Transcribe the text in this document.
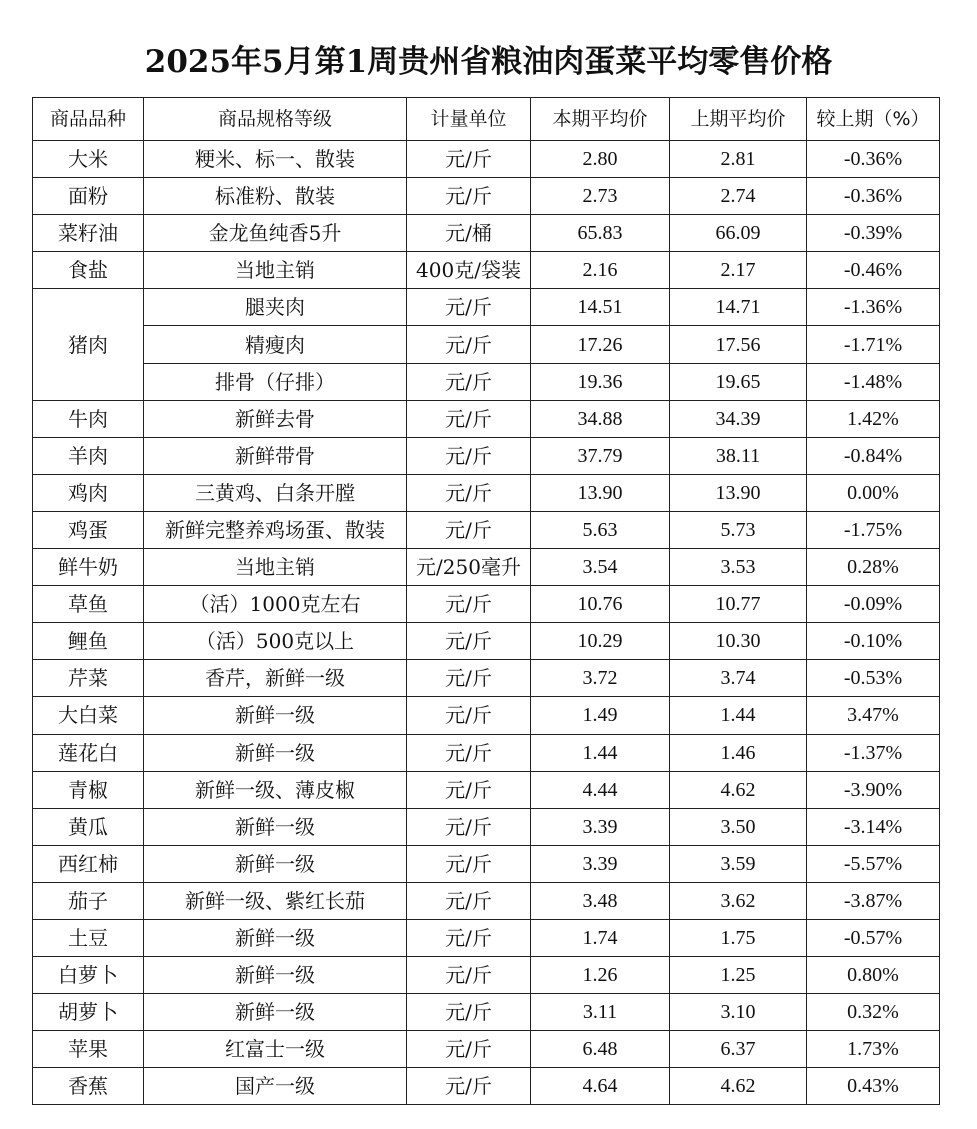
2025年5月第1周贵州省粮油肉蛋菜平均零售价格
商品品种	商品规格等级	计量单位	本期平均价	上期平均价	较上期（%）
大米	粳米、标一、散装	元/斤	2.80	2.81	-0.36%
面粉	标准粉、散装	元/斤	2.73	2.74	-0.36%
菜籽油	金龙鱼纯香5升	元/桶	65.83	66.09	-0.39%
食盐	当地主销	400克/袋装	2.16	2.17	-0.46%
猪肉	腿夹肉	元/斤	14.51	14.71	-1.36%
	精瘦肉	元/斤	17.26	17.56	-1.71%
	排骨（仔排）	元/斤	19.36	19.65	-1.48%
牛肉	新鲜去骨	元/斤	34.88	34.39	1.42%
羊肉	新鲜带骨	元/斤	37.79	38.11	-0.84%
鸡肉	三黄鸡、白条开膛	元/斤	13.90	13.90	0.00%
鸡蛋	新鲜完整养鸡场蛋、散装	元/斤	5.63	5.73	-1.75%
鲜牛奶	当地主销	元/250毫升	3.54	3.53	0.28%
草鱼	（活）1000克左右	元/斤	10.76	10.77	-0.09%
鲤鱼	（活）500克以上	元/斤	10.29	10.30	-0.10%
芹菜	香芹，新鲜一级	元/斤	3.72	3.74	-0.53%
大白菜	新鲜一级	元/斤	1.49	1.44	3.47%
莲花白	新鲜一级	元/斤	1.44	1.46	-1.37%
青椒	新鲜一级、薄皮椒	元/斤	4.44	4.62	-3.90%
黄瓜	新鲜一级	元/斤	3.39	3.50	-3.14%
西红柿	新鲜一级	元/斤	3.39	3.59	-5.57%
茄子	新鲜一级、紫红长茄	元/斤	3.48	3.62	-3.87%
土豆	新鲜一级	元/斤	1.74	1.75	-0.57%
白萝卜	新鲜一级	元/斤	1.26	1.25	0.80%
胡萝卜	新鲜一级	元/斤	3.11	3.10	0.32%
苹果	红富士一级	元/斤	6.48	6.37	1.73%
香蕉	国产一级	元/斤	4.64	4.62	0.43%
